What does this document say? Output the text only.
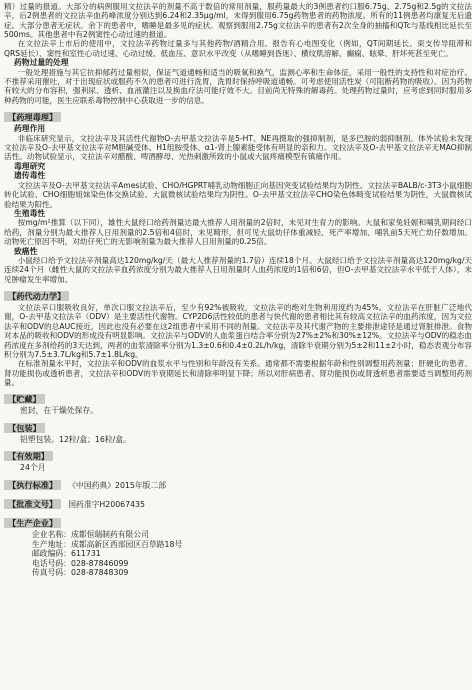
精）过量的报道。大部分的病例服用文拉法辛的剂量不高于数倍的常用剂量，服药量最大的3例患者约口服6.75g、2.75g和2.5g的文拉法辛，后2例患者的文拉法辛血药峰浓度分别达到6.24和2.35μg/ml，未得到服用6.75g药物患者的药物浓度。所有的11例患者均康复无后遗症。大部分患者无症状。余下的患者中，嗜睡是最多见的症状。观察到服用2.75g文拉法辛的患者有2次全身的抽搐和QTc与基线相比延长至500ms。其他患者中有2例窦性心动过速的报道。

在文拉法辛上市后的使用中，文拉法辛药物过量多与其他药物/酒精合用。报告有心电图变化（例如，QT间期延长、束支传导阻滞和QRS延长）、窦性和室性心动过速、心动过缓、低血压、意识水平改变（从嗜睡到昏迷）、横纹肌溶解、癫痫、眩晕、肝坏死甚至死亡。

药物过量的处理

一般处理措施与其它抗抑郁药过量相似，保证气道通畅和适当的吸氧和换气，监测心率和生命体征，采用一般性的支持性和对症治疗。不推荐采用催吐，对于出现症状或服药不久的患者可进行洗胃，洗胃时保持呼吸道通畅。可考虑使用活性炭（可阻断药物的吸收）。因为药物有较大的分布容积，强利尿、透析、血液灌注以及换血疗法可能疗效不大。目前尚无特殊的解毒药。处理药物过量时，应考虑到同时服用多种药物的可能，医生应联系毒物控制中心获取进一步的信息。

【药理毒理】
药理作用

非临床研究显示，文拉法辛及其活性代谢物O-去甲基文拉法辛是5-HT、NE再摄取的强抑制剂，是多巴胺的弱抑制剂。体外试验未发现文拉法辛及O-去甲基文拉法辛对M胆碱受体、H1组胺受体、α1-肾上腺素能受体有明显的亲和力。文拉法辛及O-去甲基文拉法辛无MAO抑制活性。动物试验显示，文拉法辛对醋酸、啤酒酵母、光热刺激所致的小鼠或大鼠疼痛模型有镇痛作用。

毒理研究
遗传毒性

文拉法辛及O-去甲基文拉法辛Ames试验、CHO/HGPRT哺乳动物细胞正向基因突变试验结果均为阴性。文拉法辛BALB/c-3T3小鼠细胞转化试验、CHO细胞姐妹染色体交换试验、大鼠微核试验结果均为阴性。O-去甲基文拉法辛CHO染色体畸变试验结果为阴性，大鼠微核试验结果为阳性。

生殖毒性

按mg/m²推算（以下同），雄性大鼠经口给药剂量达最大推荐人用剂量的2倍时，未见对生育力的影响。大鼠和家兔妊娠和哺乳期间经口给药，剂量分别为最大推荐人日用剂量的2.5倍和4倍时，未见畸形，但可见大鼠幼仔体重减轻、死产率增加、哺乳前5天死亡幼仔数增加。动物死亡原因不明，对幼仔死亡的无影响剂量为最大推荐人日用剂量的0.25倍。

致癌性

小鼠经口给予文拉法辛剂量高达120mg/kg/天（最大人推荐剂量的1.7倍）连续18个月。大鼠经口给予文拉法辛剂量高达120mg/kg/天连续24个月（雌性大鼠的文拉法辛血药浓度分别为最大推荐人日用剂量时人血药浓度的1倍和6倍，但O-去甲基文拉法辛水平低于人体），未见肿瘤发生率增加。

【药代动力学】

文拉法辛口服吸收良好，单次口服文拉法辛后，至少有92%被吸收，文拉法辛的绝对生物利用度约为45%。文拉法辛在肝脏广泛地代谢，O-去甲基文拉法辛（ODV）是主要活性代谢物。CYP2D6活性较低的患者与快代谢的患者相比其有较高文拉法辛的血药浓度，因为文拉法辛和ODV的总AUC接近，因此也没有必要在这2组患者中采用不同的剂量。文拉法辛及其代谢产物的主要排泄途径是通过肾脏排泄。食物对本品的吸收和ODV的形成没有明显影响。文拉法辛与ODV的人血浆蛋白结合率分别为27%±2%和30%±12%。文拉法辛与ODV的稳态血药浓度在多剂给药的3天达到，两者的血浆清除率分别为1.3±0.6和0.4±0.2L/h/kg，清除半衰期分别为5±2和11±2小时，稳态表观分布容积分别为7.5±3.7L/kg和5.7±1.8L/kg。

在标准剂量水平时，文拉法辛和ODV的血浆水平与性别和年龄没有关系。通常都不需要根据年龄和性别调整用药剂量；肝硬化的患者、肾功能损伤或透析患者，文拉法辛和ODV的半衰期延长和清除率明显下降；所以对肝病患者、肾功能损伤或肾透析患者需要适当调整用药剂量。

【贮藏】
密封，在干燥处保存。
【包装】
铝塑包装。12粒/盒；16粒/盒。
【有效期】
24个月
【执行标准】 《中国药典》2015年版二部
【批准文号】 国药准字H20067435
【生产企业】
企业名称：成都恒瑞制药有限公司
生产地址：成都高新区西部园区百草路18号
邮政编码：611731
电话号码：028-87846099
传真号码：028-87848309
